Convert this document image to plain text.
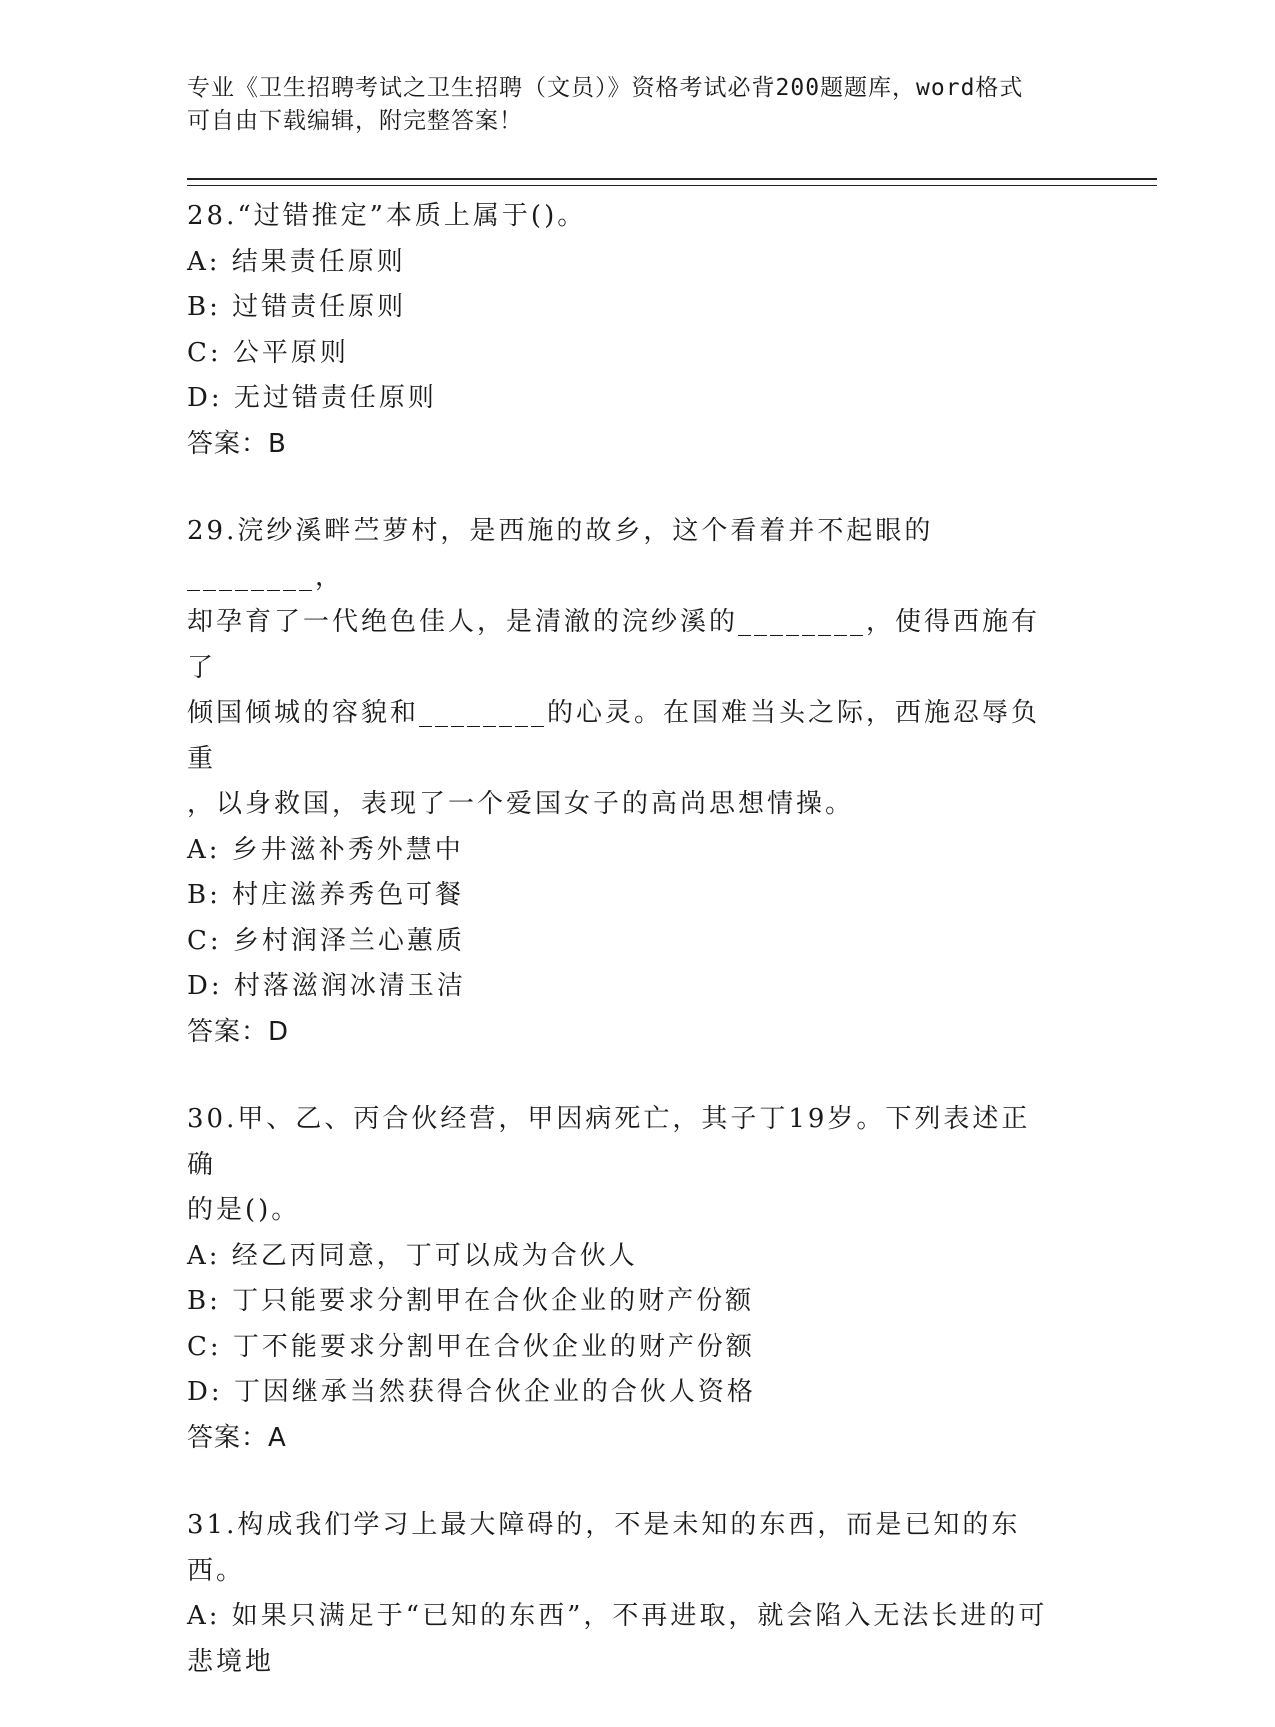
专业《卫生招聘考试之卫生招聘（文员）》资格考试必背200题题库，word格式
可自由下载编辑，附完整答案！
28.“过错推定”本质上属于()。
A: 结果责任原则
B: 过错责任原则
C: 公平原则
D: 无过错责任原则
答案：B
29.浣纱溪畔苎萝村，是西施的故乡，这个看着并不起眼的________，
却孕育了一代绝色佳人，是清澈的浣纱溪的________，使得西施有了
倾国倾城的容貌和________的心灵。在国难当头之际，西施忍辱负重
，以身救国，表现了一个爱国女子的高尚思想情操。
A: 乡井滋补秀外慧中
B: 村庄滋养秀色可餐
C: 乡村润泽兰心蕙质
D: 村落滋润冰清玉洁
答案：D
30.甲、乙、丙合伙经营，甲因病死亡，其子丁19岁。下列表述正确
的是()。
A: 经乙丙同意，丁可以成为合伙人
B: 丁只能要求分割甲在合伙企业的财产份额
C: 丁不能要求分割甲在合伙企业的财产份额
D: 丁因继承当然获得合伙企业的合伙人资格
答案：A
31.构成我们学习上最大障碍的，不是未知的东西，而是已知的东西。
A: 如果只满足于“已知的东西”，不再进取，就会陷入无法长进的可
悲境地
